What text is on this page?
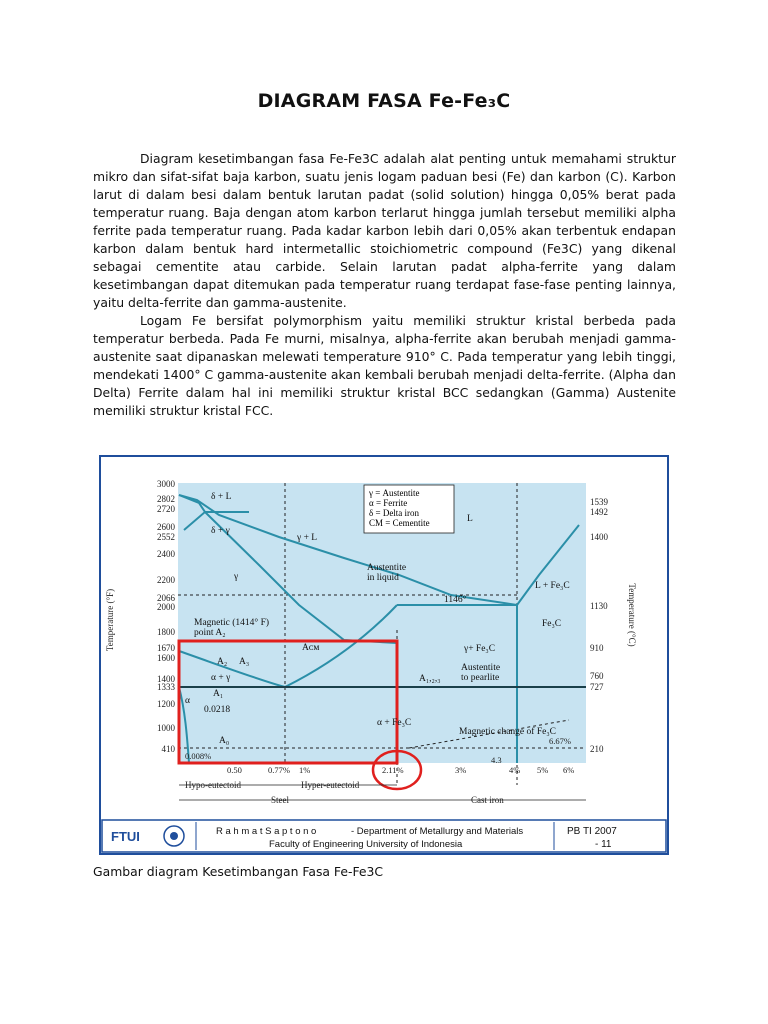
DIAGRAM FASA Fe-Fe₃C

Diagram kesetimbangan fasa Fe-Fe3C adalah alat penting untuk memahami struktur mikro dan sifat-sifat baja karbon, suatu jenis logam paduan besi (Fe) dan karbon (C). Karbon larut di dalam besi dalam bentuk larutan padat (solid solution) hingga 0,05% berat pada temperatur ruang. Baja dengan atom karbon terlarut hingga jumlah tersebut memiliki alpha ferrite pada temperatur ruang. Pada kadar karbon lebih dari 0,05% akan terbentuk endapan karbon dalam bentuk hard intermetallic stoichiometric compound (Fe3C) yang dikenal sebagai cementite atau carbide. Selain larutan padat alpha-ferrite yang dalam kesetimbangan dapat ditemukan pada temperatur ruang terdapat fase-fase penting lainnya, yaitu delta-ferrite dan gamma-austenite.

Logam Fe bersifat polymorphism yaitu memiliki struktur kristal berbeda pada temperatur berbeda. Pada Fe murni, misalnya, alpha-ferrite akan berubah menjadi gamma-austenite saat dipanaskan melewati temperature 910° C. Pada temperatur yang lebih tinggi, mendekati 1400° C gamma-austenite akan kembali berubah menjadi delta-ferrite. (Alpha dan Delta) Ferrite dalam hal ini memiliki struktur kristal BCC sedangkan (Gamma) Austenite memiliki struktur kristal FCC.

3000
2802
2720
2600
2552
2400
2200
2066
2000
1800
1670
1600
1400
1333
1200
1000
410
Temperature (°F)
1539
1492
1400
1130
910
760
727
210
Temperature (°C)
γ = Austentite
α = Ferrite
δ = Delta iron
CM = Cementite
δ + L
δ + γ
γ + L
L
γ
Austentite
in liquid
L + Fe₃C
1146°
Fe₃C
Magnetic (1414° F)
point A₂
A₂ A₃
Aᴄᴍ	γ+ Fe₃C
α + γ	A₁,₂,₃
Austentite
to pearlite
A₁
α
0.0218
α + Fe₃C
Magnetic change of Fe₃C
A₀
0.008%
0.50	0.77% 1%	2.11%	3%	4% 5% 6%
6.67%
4.3
Hypo-eutectoid	Hyper-eutectoid
Steel	Cast iron
FTUI	R a h m a t S a p t o n o	- Department of Metallurgy and Materials
Faculty of Engineering University of Indonesia
PB TI 2007
- 11
Gambar diagram Kesetimbangan Fasa Fe-Fe3C
